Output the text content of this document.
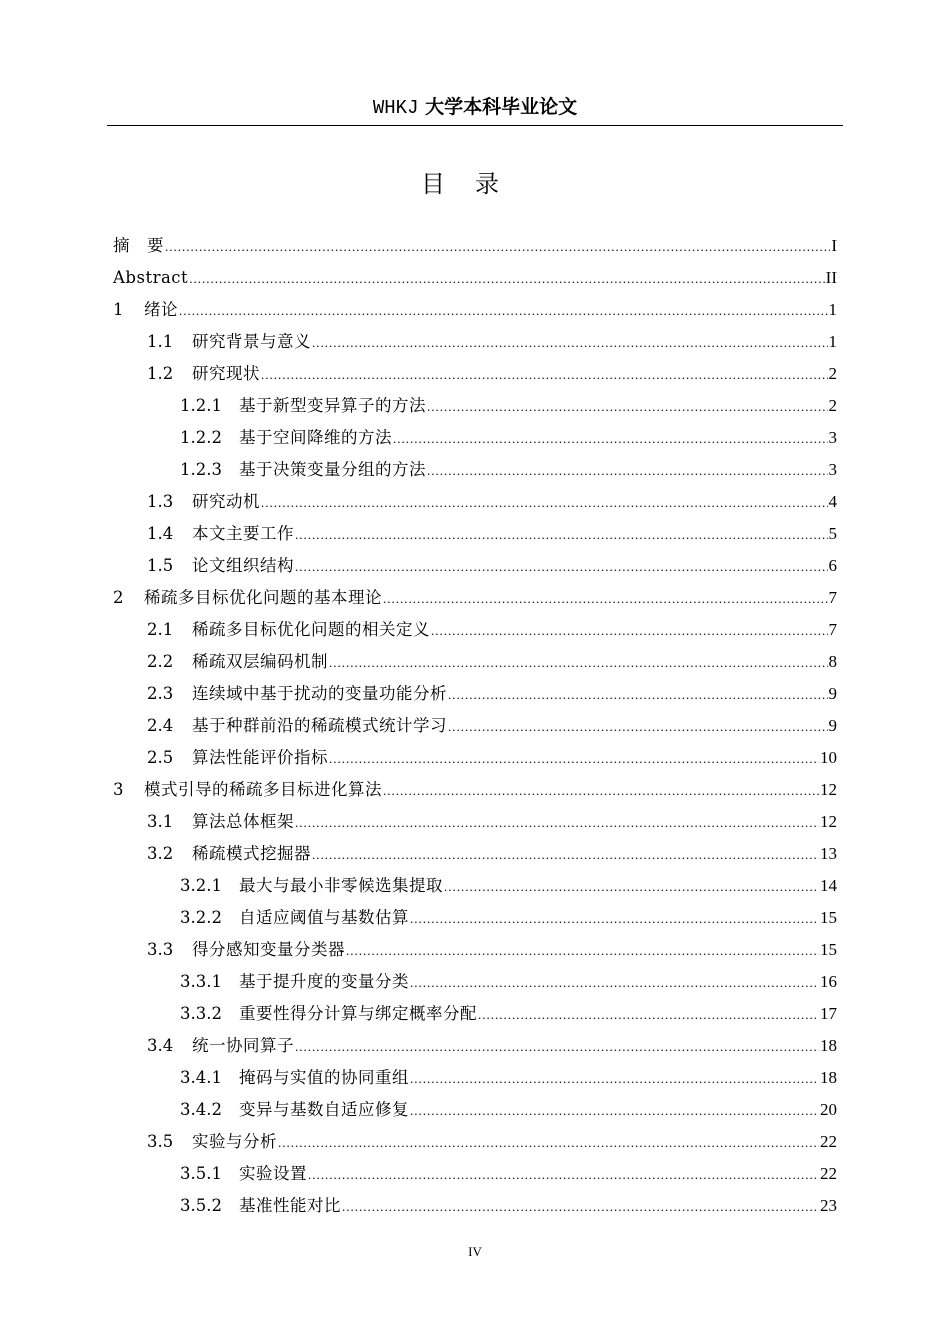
WHKJ 大学本科毕业论文
目录
摘　要 .....	I
Abstract .....	II
1	绪论 .....	1
1.1	研究背景与意义 .....	1
1.2	研究现状 .....	2
1.2.1	基于新型变异算子的方法 .....	2
1.2.2	基于空间降维的方法 .....	3
1.2.3	基于决策变量分组的方法 .....	3
1.3	研究动机 .....	4
1.4	本文主要工作 .....	5
1.5	论文组织结构 .....	6
2	稀疏多目标优化问题的基本理论 .....	7
2.1	稀疏多目标优化问题的相关定义 .....	7
2.2	稀疏双层编码机制 .....	8
2.3	连续域中基于扰动的变量功能分析 .....	9
2.4	基于种群前沿的稀疏模式统计学习 .....	9
2.5	算法性能评价指标 .....	10
3	模式引导的稀疏多目标进化算法 .....	12
3.1	算法总体框架 .....	12
3.2	稀疏模式挖掘器 .....	13
3.2.1	最大与最小非零候选集提取 .....	14
3.2.2	自适应阈值与基数估算 .....	15
3.3	得分感知变量分类器 .....	15
3.3.1	基于提升度的变量分类 .....	16
3.3.2	重要性得分计算与绑定概率分配 .....	17
3.4	统一协同算子 .....	18
3.4.1	掩码与实值的协同重组 .....	18
3.4.2	变异与基数自适应修复 .....	20
3.5	实验与分析 .....	22
3.5.1	实验设置 .....	22
3.5.2	基准性能对比 .....	23
IV
